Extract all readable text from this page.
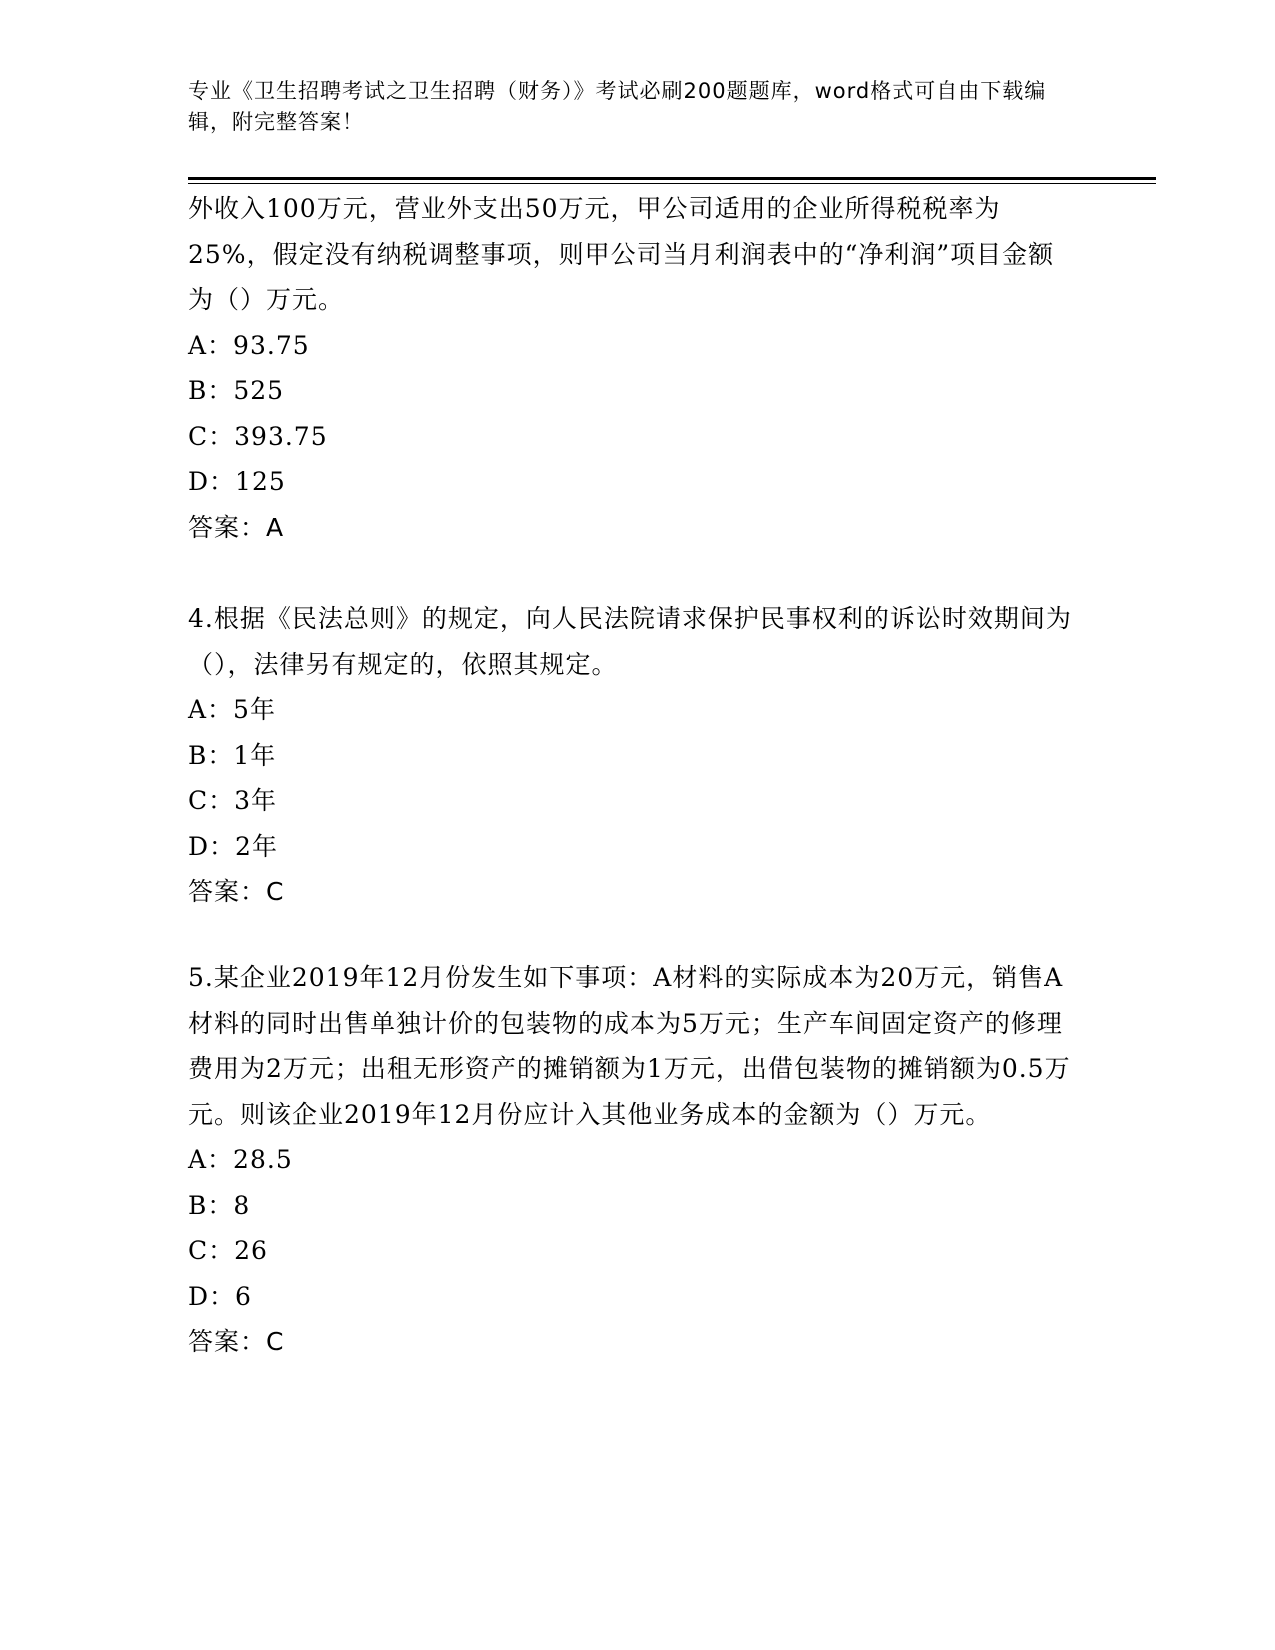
专业《卫生招聘考试之卫生招聘（财务）》考试必刷200题题库，word格式可自由下载编辑，附完整答案！
外收入100万元，营业外支出50万元，甲公司适用的企业所得税税率为25%，假定没有纳税调整事项，则甲公司当月利润表中的“净利润”项目金额为（）万元。
A：93.75
B：525
C：393.75
D：125
答案：A
4.根据《民法总则》的规定，向人民法院请求保护民事权利的诉讼时效期间为（），法律另有规定的，依照其规定。
A：5年
B：1年
C：3年
D：2年
答案：C
5.某企业2019年12月份发生如下事项：A材料的实际成本为20万元，销售A材料的同时出售单独计价的包装物的成本为5万元；生产车间固定资产的修理费用为2万元；出租无形资产的摊销额为1万元，出借包装物的摊销额为0.5万元。则该企业2019年12月份应计入其他业务成本的金额为（）万元。
A：28.5
B：8
C：26
D：6
答案：C
